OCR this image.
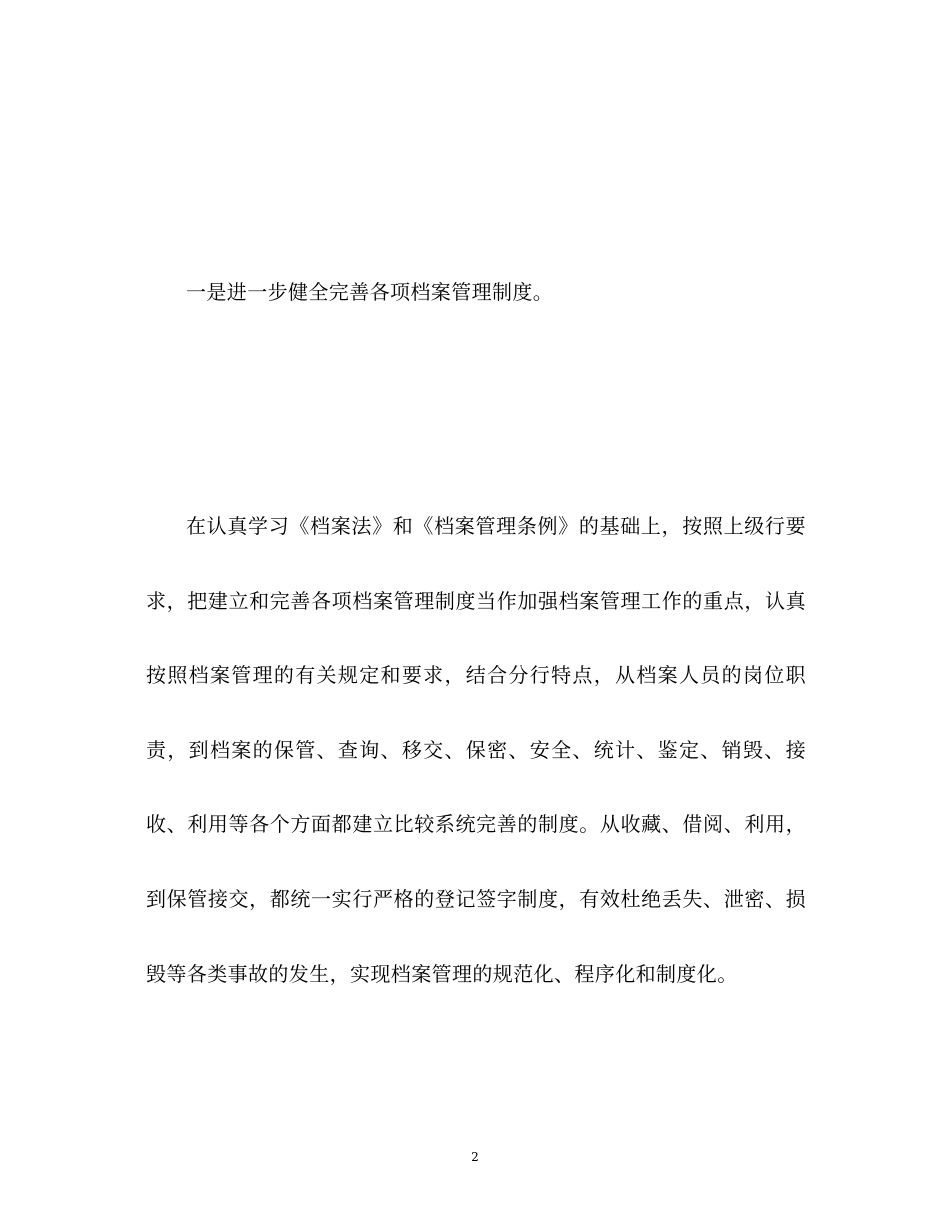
一是进一步健全完善各项档案管理制度。

在认真学习《档案法》和《档案管理条例》的基础上，按照上级行要求，把建立和完善各项档案管理制度当作加强档案管理工作的重点，认真按照档案管理的有关规定和要求，结合分行特点，从档案人员的岗位职责，到档案的保管、查询、移交、保密、安全、统计、鉴定、销毁、接收、利用等各个方面都建立比较系统完善的制度。从收藏、借阅、利用，到保管接交，都统一实行严格的登记签字制度，有效杜绝丢失、泄密、损毁等各类事故的发生，实现档案管理的规范化、程序化和制度化。

2
